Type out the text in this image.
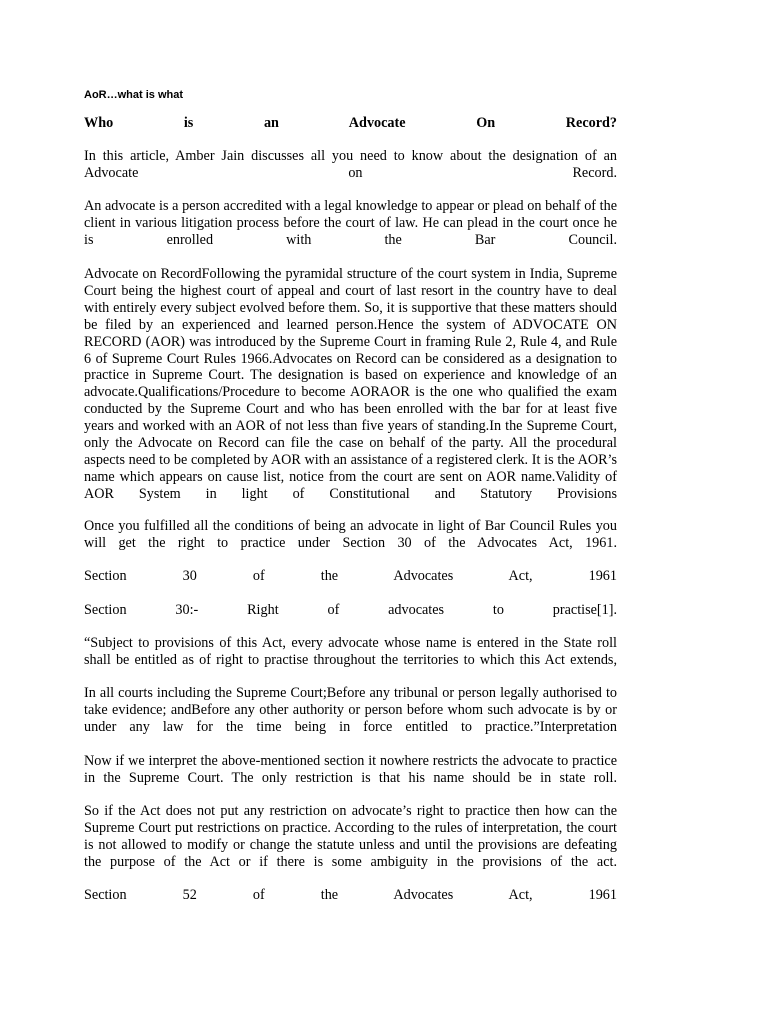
AoR…what is what

Who is an Advocate On Record?

In this article, Amber Jain discusses all you need to know about the designation of an Advocate on Record.

An advocate is a person accredited with a legal knowledge to appear or plead on behalf of the client in various litigation process before the court of law. He can plead in the court once he is enrolled with the Bar Council.

Advocate on RecordFollowing the pyramidal structure of the court system in India, Supreme Court being the highest court of appeal and court of last resort in the country have to deal with entirely every subject evolved before them. So, it is supportive that these matters should be filed by an experienced and learned person.Hence the system of ADVOCATE ON RECORD (AOR) was introduced by the Supreme Court in framing Rule 2, Rule 4, and Rule 6 of Supreme Court Rules 1966.Advocates on Record can be considered as a designation to practice in Supreme Court. The designation is based on experience and knowledge of an advocate.Qualifications/Procedure to become AORAOR is the one who qualified the exam conducted by the Supreme Court and who has been enrolled with the bar for at least five years and worked with an AOR of not less than five years of standing.In the Supreme Court, only the Advocate on Record can file the case on behalf of the party. All the procedural aspects need to be completed by AOR with an assistance of a registered clerk. It is the AOR’s name which appears on cause list, notice from the court are sent on AOR name.Validity of AOR System in light of Constitutional and Statutory Provisions

Once you fulfilled all the conditions of being an advocate in light of Bar Council Rules you will get the right to practice under Section 30 of the Advocates Act, 1961.

Section 30 of the Advocates Act, 1961

Section 30:- Right of advocates to practise[1].

“Subject to provisions of this Act, every advocate whose name is entered in the State roll shall be entitled as of right to practise throughout the territories to which this Act extends,

In all courts including the Supreme Court;Before any tribunal or person legally authorised to take evidence; andBefore any other authority or person before whom such advocate is by or under any law for the time being in force entitled to practice.”Interpretation

Now if we interpret the above-mentioned section it nowhere restricts the advocate to practice in the Supreme Court. The only restriction is that his name should be in state roll.

So if the Act does not put any restriction on advocate’s right to practice then how can the Supreme Court put restrictions on practice. According to the rules of interpretation, the court is not allowed to modify or change the statute unless and until the provisions are defeating the purpose of the Act or if there is some ambiguity in the provisions of the act.

Section 52 of the Advocates Act, 1961
